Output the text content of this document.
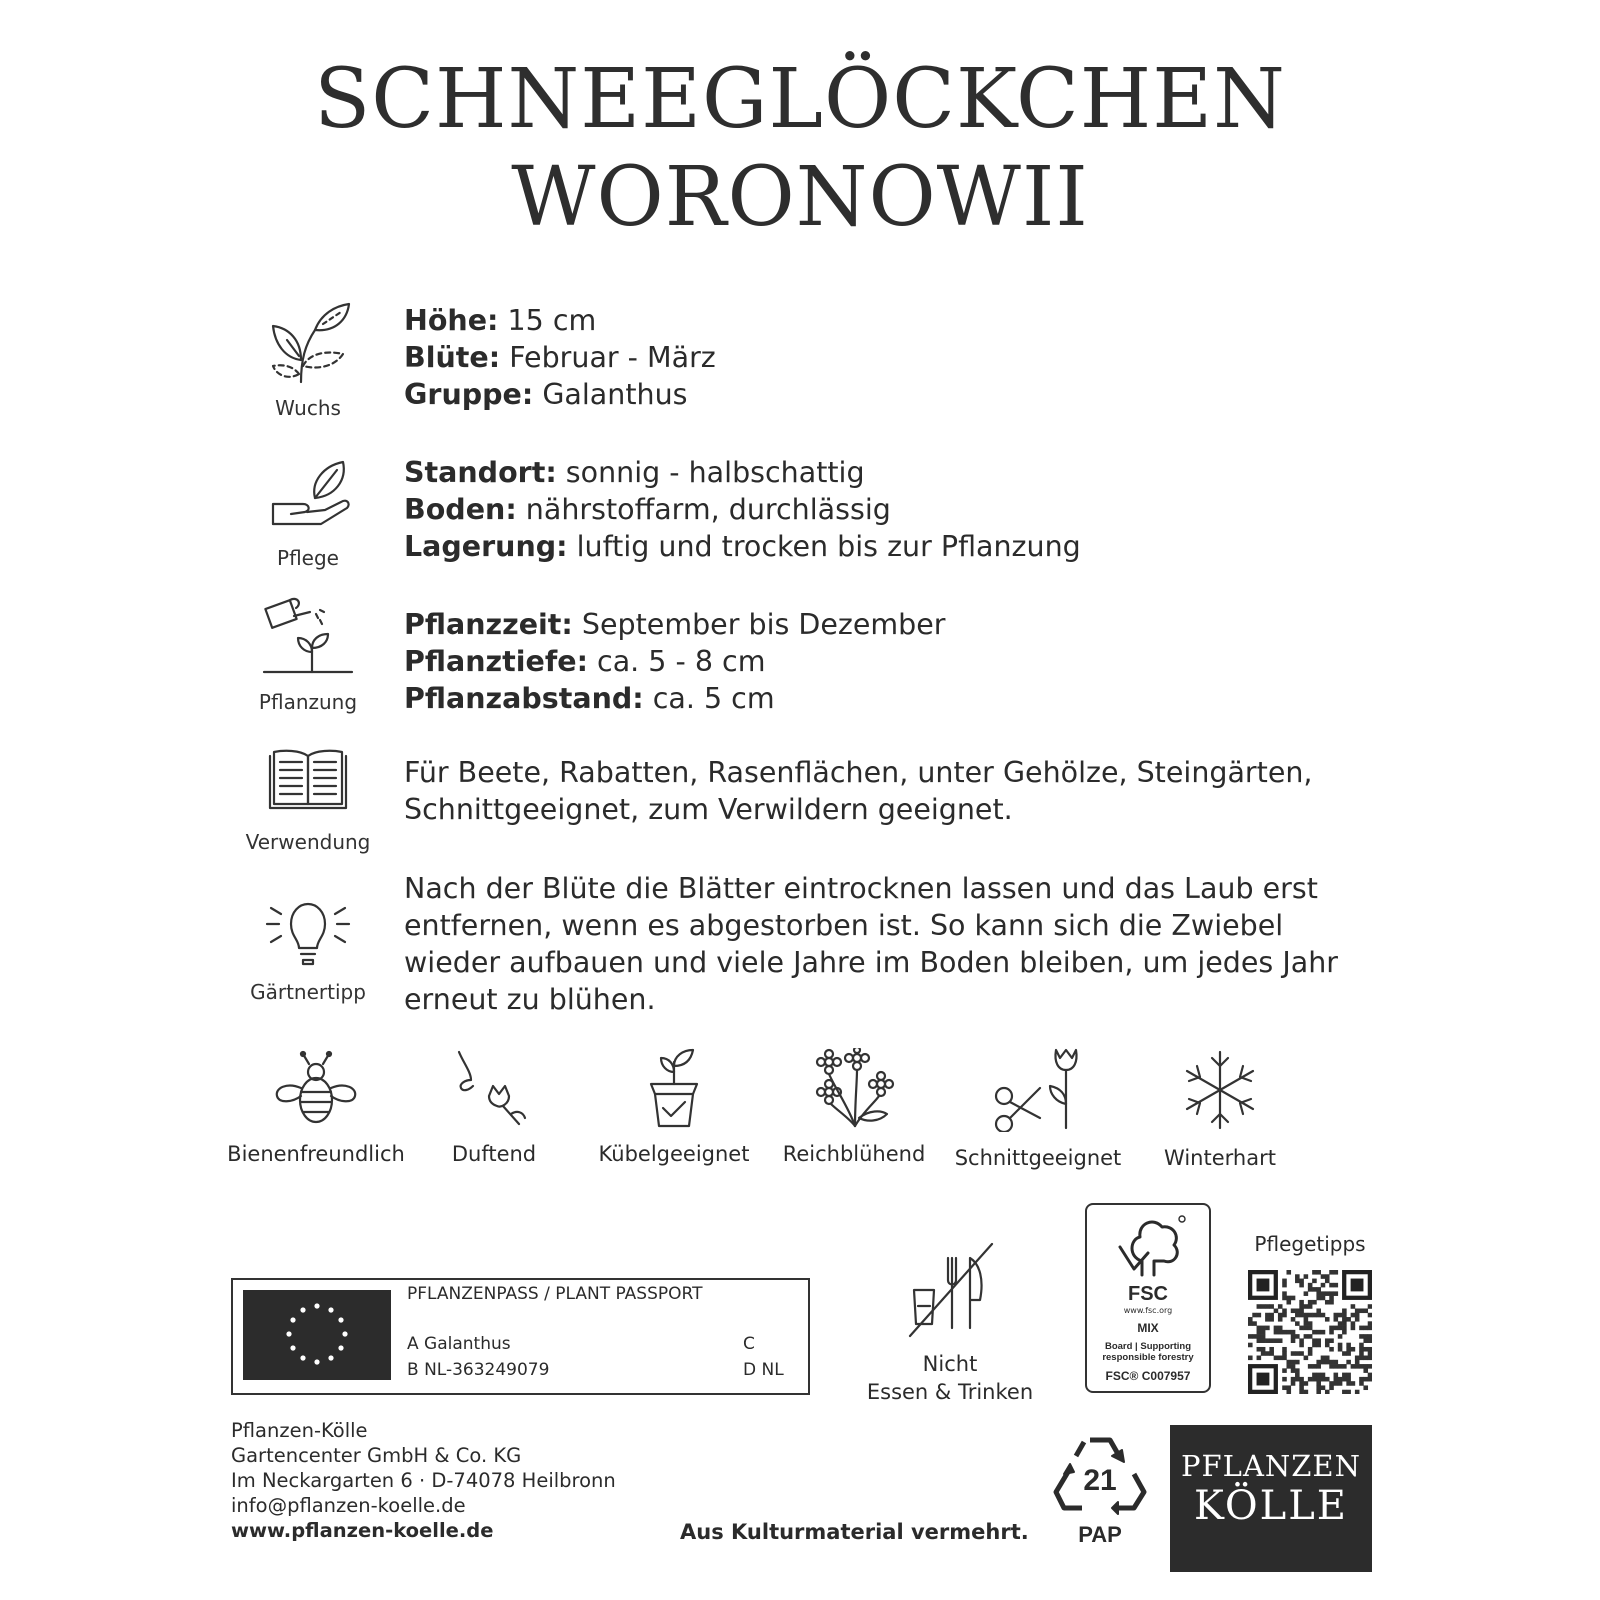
SCHNEEGLÖCKCHEN
WORONOWII
Wuchs
Höhe: 15 cm
Blüte: Februar - März
Gruppe: Galanthus
Pflege
Standort: sonnig - halbschattig
Boden: nährstoffarm, durchlässig
Lagerung: luftig und trocken bis zur Pflanzung
Pflanzung
Pflanzzeit: September bis Dezember
Pflanztiefe: ca. 5 - 8 cm
Pflanzabstand: ca. 5 cm
Verwendung
Für Beete, Rabatten, Rasenflächen, unter Gehölze, Steingärten,
Schnittgeeignet, zum Verwildern geeignet.
Gärtnertipp
Nach der Blüte die Blätter eintrocknen lassen und das Laub erst
entfernen, wenn es abgestorben ist. So kann sich die Zwiebel
wieder aufbauen und viele Jahre im Boden bleiben, um jedes Jahr
erneut zu blühen.
Bienenfreundlich	Duftend	Kübelgeeignet	Reichblühend	Schnittgeeignet	Winterhart
PFLANZENPASS / PLANT PASSPORT
A Galanthus
B NL-363249079
C
D NL	Nicht
Essen & Trinken
FSC
www.fsc.org
MIX
Board | Supporting
responsible forestry
FSC® C007957
Pflegetipps
Pflanzen-Kölle
Gartencenter GmbH & Co. KG
Im Neckargarten 6 · D-74078 Heilbronn
info@pflanzen-koelle.de
www.pflanzen-koelle.de	Aus Kulturmaterial vermehrt.
21
PAP
PFLANZEN
KÖLLE
